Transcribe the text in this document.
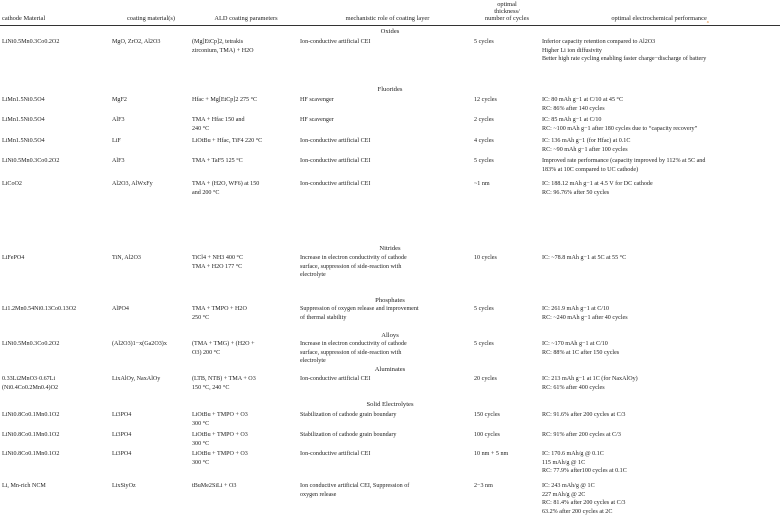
cathode Material	coating material(s)	ALD coating parameters	mechanistic role of coating layer
optimal
thickness/
number of cycles	optimal electrochemical performance a
Oxides
LiNi0.5Mn0.3Co0.2O2	MgO, ZrO2, Al2O3	(Mg[EtCp]2, tetrakis
zirconium, TMA) + H2O
Ion-conductive artificial CEI	5 cycles	Inferior capacity retention compared to Al2O3
Higher Li ion diffusivity
Better high rate cycling enabling faster charge−discharge of battery
Fluorides
LiMn1.5Ni0.5O4	MgF2	Hfac + Mg[EtCp]2 275 °C	HF scavenger	12 cycles	IC: 80 mAh g−1 at C/10 at 45 °C
RC: 86% after 140 cycles
LiMn1.5Ni0.5O4	AlF3	TMA + Hfac 150 and
240 °C
HF scavenger	2 cycles	IC: 85 mAh g−1 at C/10
RC: ~100 mAh g−1 after 180 cycles due to “capacity recovery”
LiMn1.5Ni0.5O4	LiF	LiOtBu + Hfac, TiF4 220 °C	Ion-conductive artificial CEI	4 cycles	IC: 136 mAh g−1 (for Hfac) at 0.1C
RC: ~90 mAh g−1 after 100 cycles
LiNi0.5Mn0.3Co0.2O2	AlF3	TMA + TaF5 125 °C	Ion-conductive artificial CEI	5 cycles	Improved rate performance (capacity improved by 112% at 5C and
183% at 10C compared to UC cathode)
LiCoO2	Al2O3, AlWxFy	TMA + (H2O, WF6) at 150
and 200 °C
Ion-conductive artificial CEI	~1 nm	IC: 188.12 mAh g−1 at 4.5 V for DC cathode
RC: 96.76% after 50 cycles
Nitrides
LiFePO4	TiN, Al2O3	TiCl4 + NH3 400 °C
TMA + H2O 177 °C
Increase in electron conductivity of cathode
surface, suppression of side-reaction with
electrolyte
10 cycles	IC: ~78.8 mAh g−1 at 5C at 55 °C
Phosphates
Li1.2Mn0.54Ni0.13Co0.13O2	AlPO4	TMA + TMPO + H2O
250 °C
Suppression of oxygen release and improvement
of thermal stability
5 cycles	IC: 261.9 mAh g−1 at C/10
RC: ~240 mAh g−1 after 40 cycles
Alloys
LiNi0.5Mn0.3Co0.2O2	(Al2O3)1−x(Ga2O3)x	(TMA + TMG) + (H2O +
O3) 200 °C
Increase in electron conductivity of cathode
surface, suppression of side-reaction with
electrolyte
5 cycles	IC: ~170 mAh g−1 at C/10
RC: 88% at 1C after 150 cycles
Aluminates
0.33Li2MnO3·0.67Li
(Ni0.4Co0.2Mn0.4)O2
LixAlOy, NaxAlOy	(LTB, NTB) + TMA + O3
150 °C, 240 °C
Ion-conductive artificial CEI	20 cycles	IC: 213 mAh g−1 at 1C (for NaxAlOy)
RC: 61% after 400 cycles
Solid Electrolytes
LiNi0.8Co0.1Mn0.1O2	Li3PO4	LiOtBu + TMPO + O3
300 °C
Stabilization of cathode grain boundary	150 cycles	RC: 91.6% after 200 cycles at C/3
LiNi0.8Co0.1Mn0.1O2	Li3PO4	LiOtBu + TMPO + O3
300 °C
Stabilization of cathode grain boundary	100 cycles	RC: 91% after 200 cycles at C/3
LiNi0.8Co0.1Mn0.1O2	Li3PO4	LiOtBu + TMPO + O3
300 °C
Ion-conductive artificial CEI	10 nm + 5 nm	IC: 170.6 mAh/g @ 0.1C
115 mAh/g @ 1C
RC: 77.9% after100 cycles at 0.1C
Li, Mn-rich NCM	LixSiyOz	tBuMe2SiLi + O3	Ion conductive artificial CEI, Suppression of
oxygen release
2−3 nm	IC: 243 mAh/g @ 1C
227 mAh/g @ 2C
RC: 81.4% after 200 cycles at C/3
63.2% after 200 cycles at 2C
